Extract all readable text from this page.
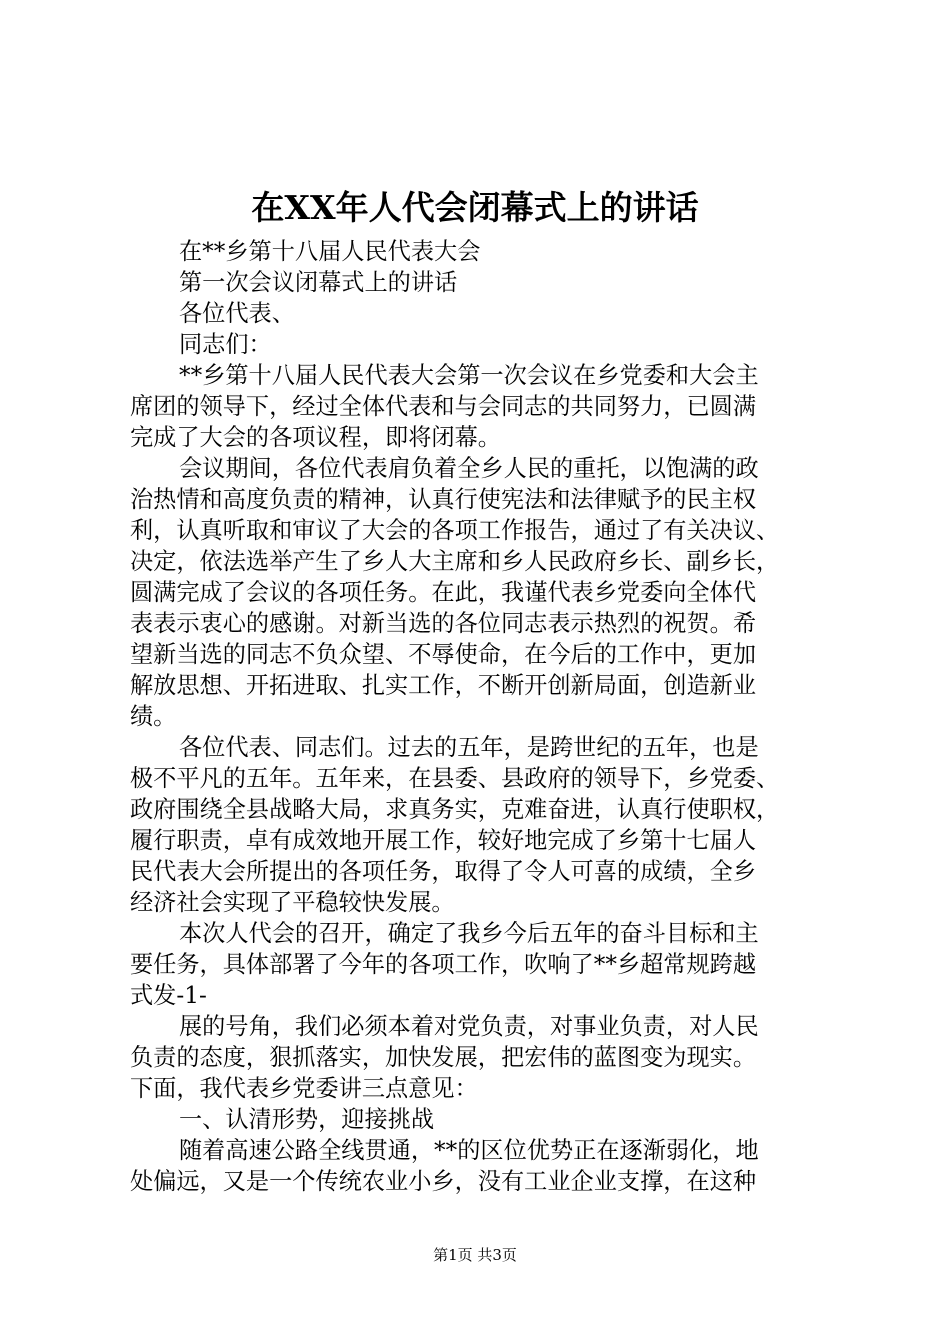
在XX年人代会闭幕式上的讲话
在**乡第十八届人民代表大会
第一次会议闭幕式上的讲话
各位代表、
同志们：
**乡第十八届人民代表大会第一次会议在乡党委和大会主
席团的领导下，经过全体代表和与会同志的共同努力，已圆满
完成了大会的各项议程，即将闭幕。
会议期间，各位代表肩负着全乡人民的重托，以饱满的政
治热情和高度负责的精神，认真行使宪法和法律赋予的民主权
利，认真听取和审议了大会的各项工作报告，通过了有关决议、
决定，依法选举产生了乡人大主席和乡人民政府乡长、副乡长，
圆满完成了会议的各项任务。在此，我谨代表乡党委向全体代
表表示衷心的感谢。对新当选的各位同志表示热烈的祝贺。希
望新当选的同志不负众望、不辱使命，在今后的工作中，更加
解放思想、开拓进取、扎实工作，不断开创新局面，创造新业
绩。
各位代表、同志们。过去的五年，是跨世纪的五年，也是
极不平凡的五年。五年来，在县委、县政府的领导下，乡党委、
政府围绕全县战略大局，求真务实，克难奋进，认真行使职权，
履行职责，卓有成效地开展工作，较好地完成了乡第十七届人
民代表大会所提出的各项任务，取得了令人可喜的成绩，全乡
经济社会实现了平稳较快发展。
本次人代会的召开，确定了我乡今后五年的奋斗目标和主
要任务，具体部署了今年的各项工作，吹响了**乡超常规跨越
式发-1-
展的号角，我们必须本着对党负责，对事业负责，对人民
负责的态度，狠抓落实，加快发展，把宏伟的蓝图变为现实。
下面，我代表乡党委讲三点意见：
一、认清形势，迎接挑战
随着高速公路全线贯通，**的区位优势正在逐渐弱化，地
处偏远，又是一个传统农业小乡，没有工业企业支撑，在这种
第1页 共3页
